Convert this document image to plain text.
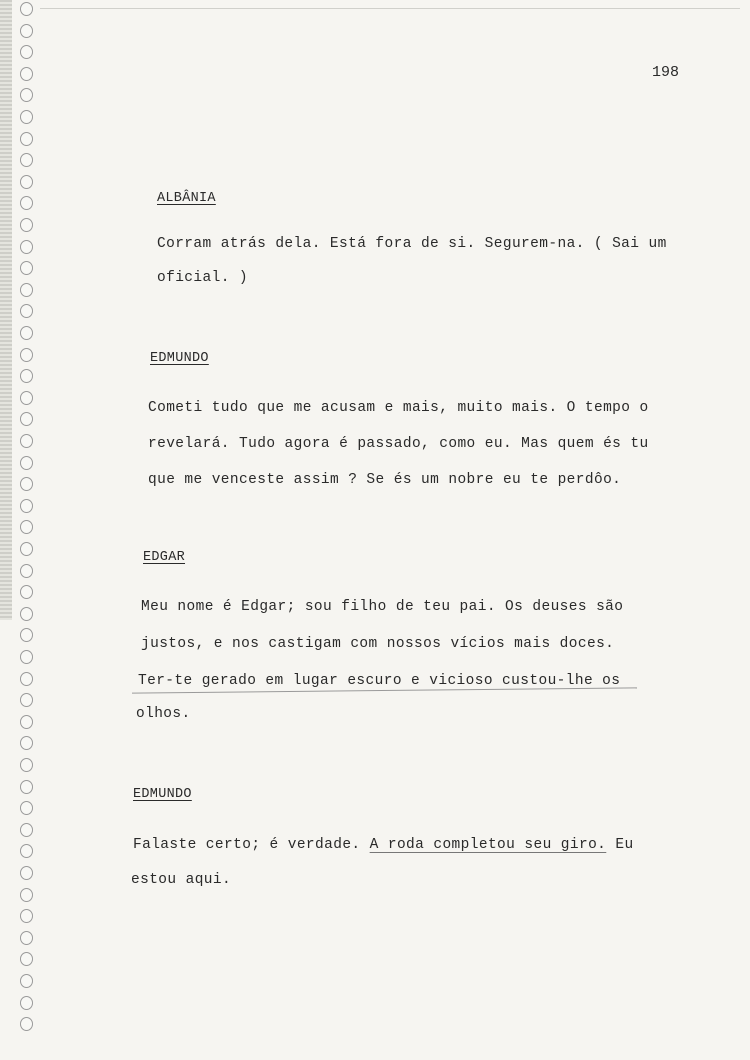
198
ALBÂNIA
Corram atrás dela. Está fora de si. Segurem-na. ( Sai um
oficial. )
EDMUNDO
Cometi tudo que me acusam e mais, muito mais. O tempo o
revelará. Tudo agora é passado, como eu. Mas quem és tu
que me venceste assim ? Se és um nobre eu te perdôo.
EDGAR
Meu nome é Edgar; sou filho de teu pai. Os deuses são
justos, e nos castigam com nossos vícios mais doces.
Ter-te gerado em lugar escuro e vicioso custou-lhe os
olhos.
EDMUNDO
Falaste certo; é verdade. A roda completou seu giro. Eu
estou aqui.
